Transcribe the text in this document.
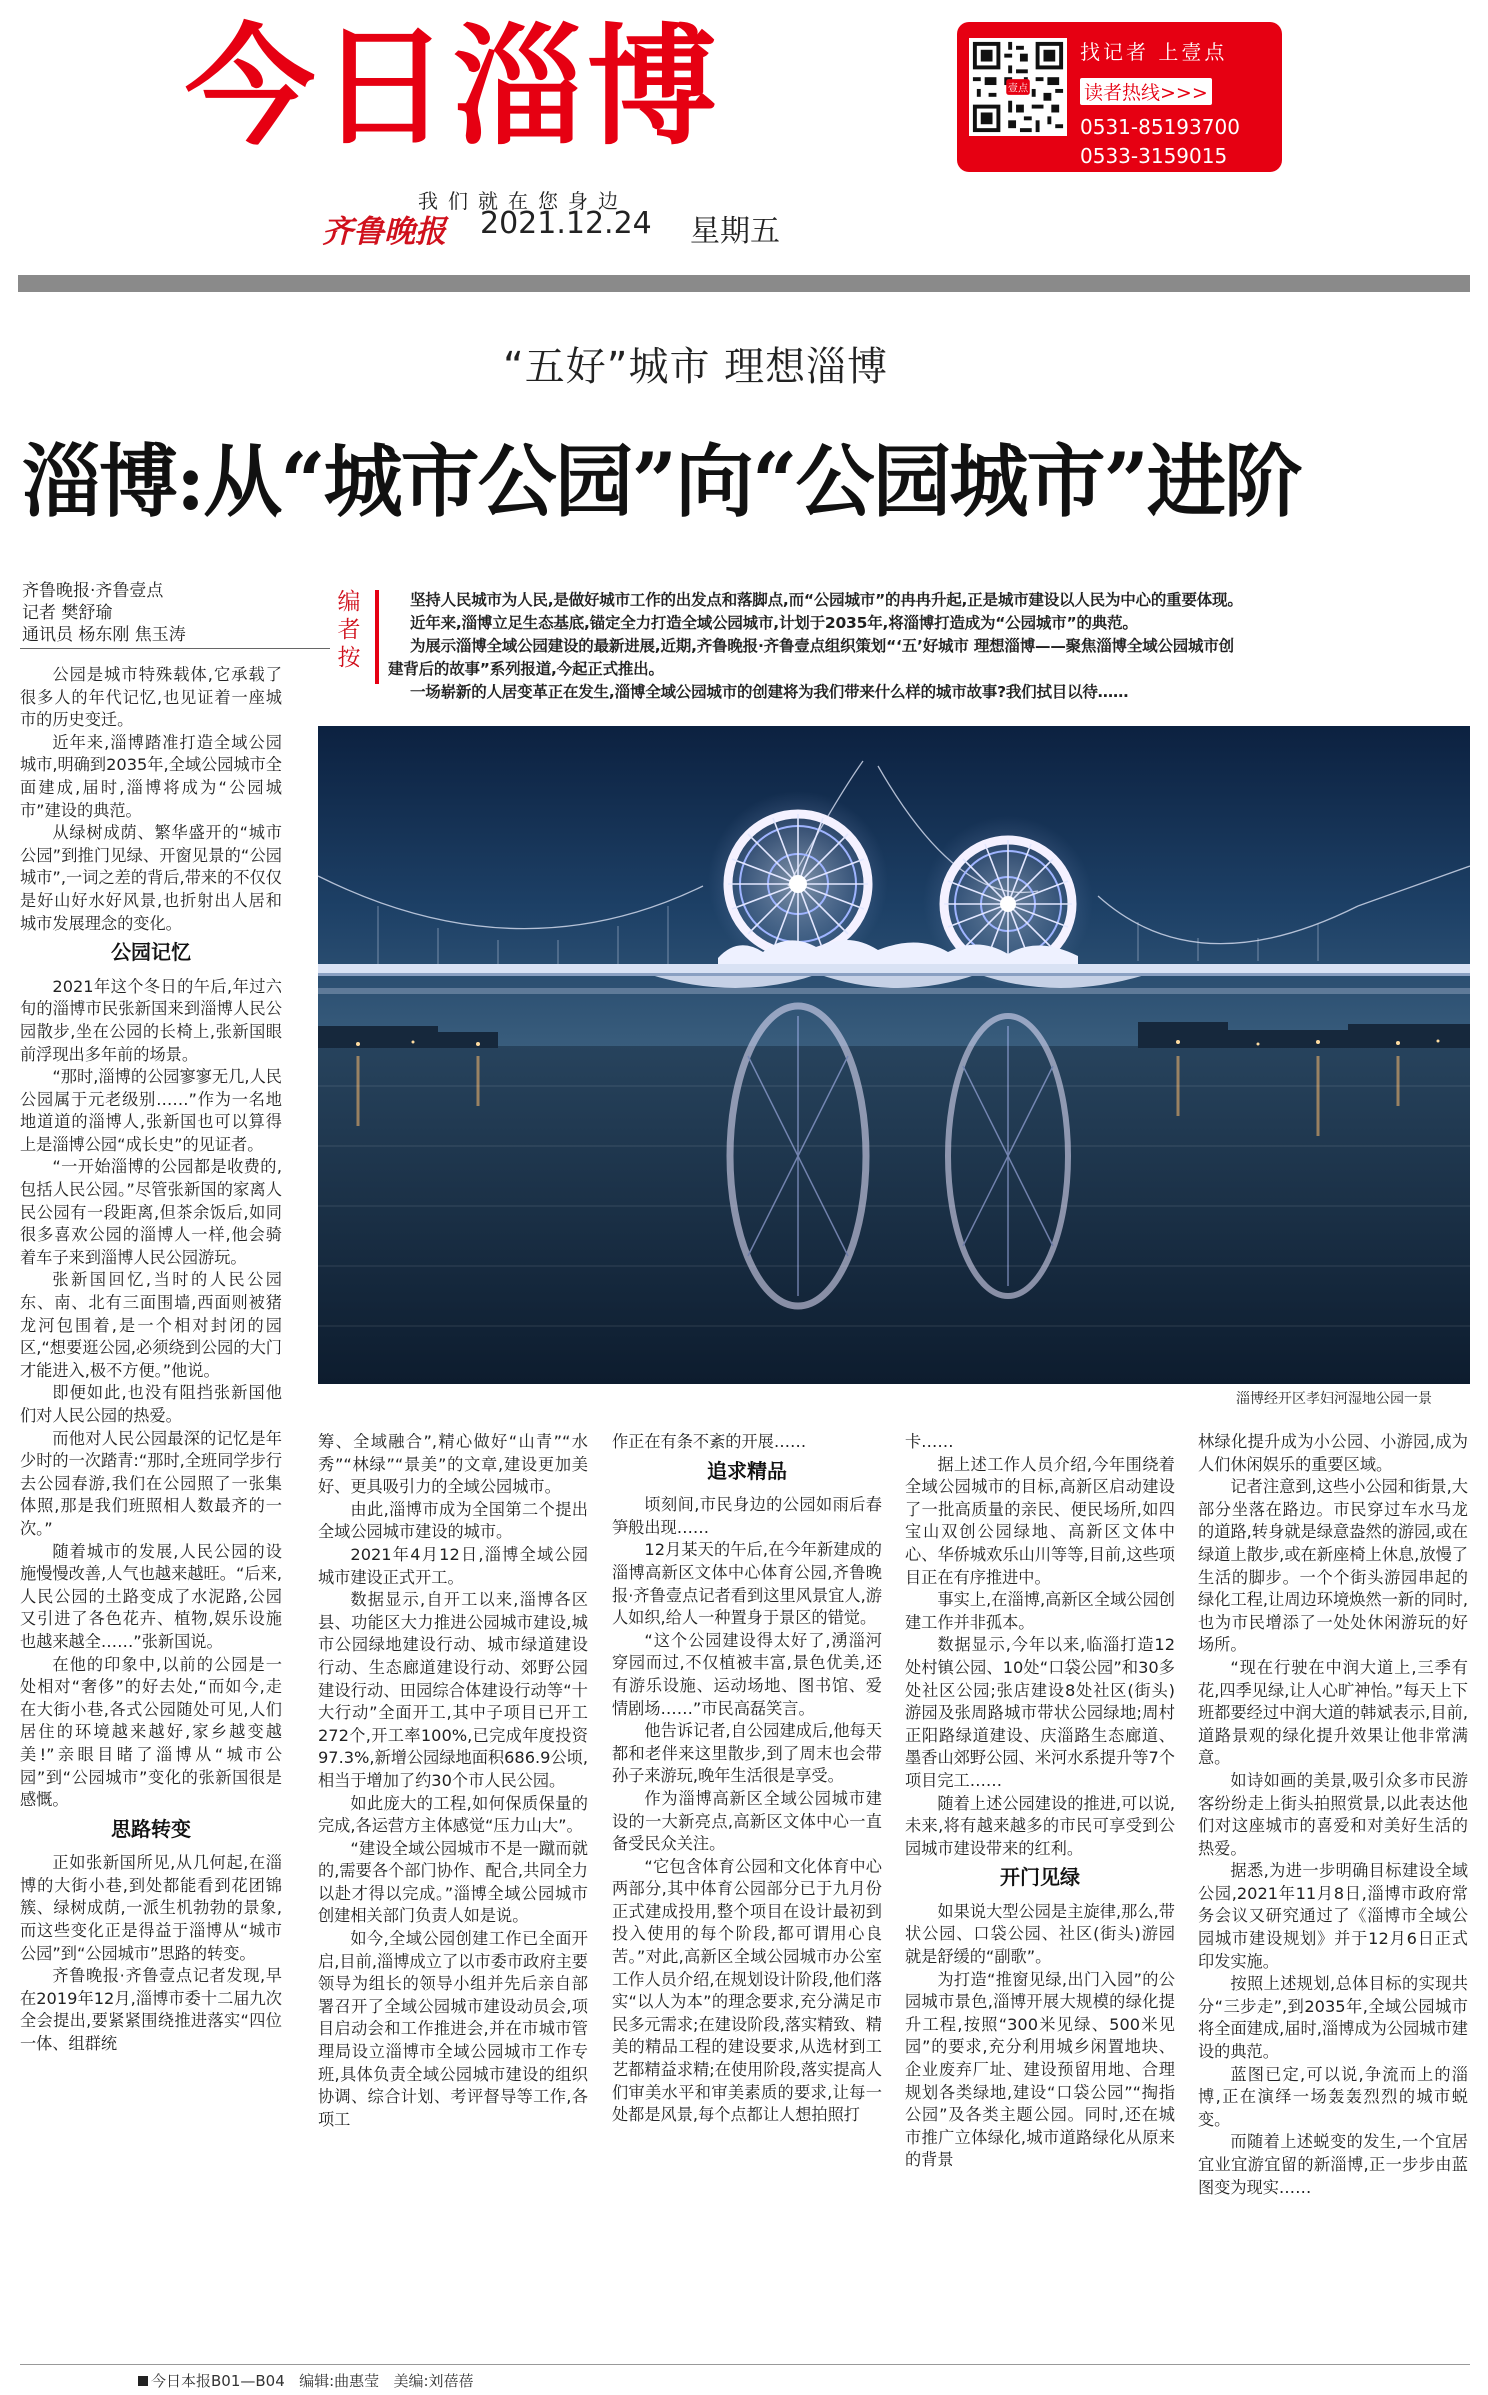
今日淄博
我们就在您身边
齐鲁晚报 2021.12.24 星期五
壹点
找记者 上壹点
读者热线>>>
0531-85193700
0533-3159015
“五好”城市 理想淄博
淄博:从“城市公园”向“公园城市”进阶
齐鲁晚报·齐鲁壹点
记者 樊舒瑜
通讯员 杨东刚 焦玉涛
编
者
按
坚持人民城市为人民,是做好城市工作的出发点和落脚点,而“公园城市”的冉冉升起,正是城市建设以人民为中心的重要体现。
近年来,淄博立足生态基底,锚定全力打造全域公园城市,计划于2035年,将淄博打造成为“公园城市”的典范。
为展示淄博全域公园建设的最新进展,近期,齐鲁晚报·齐鲁壹点组织策划“‘五’好城市 理想淄博——聚焦淄博全域公园城市创
建背后的故事”系列报道,今起正式推出。
一场崭新的人居变革正在发生,淄博全域公园城市的创建将为我们带来什么样的城市故事?我们拭目以待……
淄博经开区孝妇河湿地公园一景

公园是城市特殊载体,它承载了很多人的年代记忆,也见证着一座城市的历史变迁。

近年来,淄博踏准打造全域公园城市,明确到2035年,全域公园城市全面建成,届时,淄博将成为“公园城市”建设的典范。

从绿树成荫、繁华盛开的“城市公园”到推门见绿、开窗见景的“公园城市”,一词之差的背后,带来的不仅仅是好山好水好风景,也折射出人居和城市发展理念的变化。

公园记忆

2021年这个冬日的午后,年过六旬的淄博市民张新国来到淄博人民公园散步,坐在公园的长椅上,张新国眼前浮现出多年前的场景。

“那时,淄博的公园寥寥无几,人民公园属于元老级别……”作为一名地地道道的淄博人,张新国也可以算得上是淄博公园“成长史”的见证者。

“一开始淄博的公园都是收费的,包括人民公园。”尽管张新国的家离人民公园有一段距离,但茶余饭后,如同很多喜欢公园的淄博人一样,他会骑着车子来到淄博人民公园游玩。

张新国回忆,当时的人民公园东、南、北有三面围墙,西面则被猪龙河包围着,是一个相对封闭的园区,“想要逛公园,必须绕到公园的大门才能进入,极不方便。”他说。

即便如此,也没有阻挡张新国他们对人民公园的热爱。

而他对人民公园最深的记忆是年少时的一次踏青:“那时,全班同学步行去公园春游,我们在公园照了一张集体照,那是我们班照相人数最齐的一次。”

随着城市的发展,人民公园的设施慢慢改善,人气也越来越旺。“后来,人民公园的土路变成了水泥路,公园又引进了各色花卉、植物,娱乐设施也越来越全……”张新国说。

在他的印象中,以前的公园是一处相对“奢侈”的好去处,“而如今,走在大街小巷,各式公园随处可见,人们居住的环境越来越好,家乡越变越美!”亲眼目睹了淄博从“城市公园”到“公园城市”变化的张新国很是感慨。

思路转变

正如张新国所见,从几何起,在淄博的大街小巷,到处都能看到花团锦簇、绿树成荫,一派生机勃勃的景象,而这些变化正是得益于淄博从“城市公园”到“公园城市”思路的转变。

齐鲁晚报·齐鲁壹点记者发现,早在2019年12月,淄博市委十二届九次全会提出,要紧紧围绕推进落实“四位一体、组群统

筹、全域融合”,精心做好“山青”“水秀”“林绿”“景美”的文章,建设更加美好、更具吸引力的全域公园城市。

由此,淄博市成为全国第二个提出全域公园城市建设的城市。

2021年4月12日,淄博全域公园城市建设正式开工。

数据显示,自开工以来,淄博各区县、功能区大力推进公园城市建设,城市公园绿地建设行动、城市绿道建设行动、生态廊道建设行动、郊野公园建设行动、田园综合体建设行动等“十大行动”全面开工,其中子项目已开工272个,开工率100%,已完成年度投资97.3%,新增公园绿地面积686.9公顷,相当于增加了约30个市人民公园。

如此庞大的工程,如何保质保量的完成,各运营方主体感觉“压力山大”。

“建设全域公园城市不是一蹴而就的,需要各个部门协作、配合,共同全力以赴才得以完成。”淄博全域公园城市创建相关部门负责人如是说。

如今,全域公园创建工作已全面开启,目前,淄博成立了以市委市政府主要领导为组长的领导小组并先后亲自部署召开了全域公园城市建设动员会,项目启动会和工作推进会,并在市城市管理局设立淄博市全域公园城市工作专班,具体负责全域公园城市建设的组织协调、综合计划、考评督导等工作,各项工

作正在有条不紊的开展……

追求精品

顷刻间,市民身边的公园如雨后春笋般出现……

12月某天的午后,在今年新建成的淄博高新区文体中心体育公园,齐鲁晚报·齐鲁壹点记者看到这里风景宜人,游人如织,给人一种置身于景区的错觉。

“这个公园建设得太好了,湧淄河穿园而过,不仅植被丰富,景色优美,还有游乐设施、运动场地、图书馆、爱情剧场……”市民高磊笑言。

他告诉记者,自公园建成后,他每天都和老伴来这里散步,到了周末也会带孙子来游玩,晚年生活很是享受。

作为淄博高新区全域公园城市建设的一大新亮点,高新区文体中心一直备受民众关注。

“它包含体育公园和文化体育中心两部分,其中体育公园部分已于九月份正式建成投用,整个项目在设计最初到投入使用的每个阶段,都可谓用心良苦。”对此,高新区全域公园城市办公室工作人员介绍,在规划设计阶段,他们落实“以人为本”的理念要求,充分满足市民多元需求;在建设阶段,落实精致、精美的精品工程的建设要求,从选材到工艺都精益求精;在使用阶段,落实提高人们审美水平和审美素质的要求,让每一处都是风景,每个点都让人想拍照打

卡……

据上述工作人员介绍,今年围绕着全域公园城市的目标,高新区启动建设了一批高质量的亲民、便民场所,如四宝山双创公园绿地、高新区文体中心、华侨城欢乐山川等等,目前,这些项目正在有序推进中。

事实上,在淄博,高新区全域公园创建工作并非孤本。

数据显示,今年以来,临淄打造12处村镇公园、10处“口袋公园”和30多处社区公园;张店建设8处社区(街头)游园及张周路城市带状公园绿地;周村正阳路绿道建设、庆淄路生态廊道、墨香山郊野公园、米河水系提升等7个项目完工……

随着上述公园建设的推进,可以说,未来,将有越来越多的市民可享受到公园城市建设带来的红利。

开门见绿

如果说大型公园是主旋律,那么,带状公园、口袋公园、社区(街头)游园就是舒缓的“副歌”。

为打造“推窗见绿,出门入园”的公园城市景色,淄博开展大规模的绿化提升工程,按照“300米见绿、500米见园”的要求,充分利用城乡闲置地块、企业废弃厂址、建设预留用地、合理规划各类绿地,建设“口袋公园”“掏指公园”及各类主题公园。同时,还在城市推广立体绿化,城市道路绿化从原来的背景

林绿化提升成为小公园、小游园,成为人们休闲娱乐的重要区域。

记者注意到,这些小公园和街景,大部分坐落在路边。市民穿过车水马龙的道路,转身就是绿意盎然的游园,或在绿道上散步,或在新座椅上休息,放慢了生活的脚步。一个个街头游园串起的绿化工程,让周边环境焕然一新的同时,也为市民增添了一处处休闲游玩的好场所。

“现在行驶在中润大道上,三季有花,四季见绿,让人心旷神怡。”每天上下班都要经过中润大道的韩斌表示,目前,道路景观的绿化提升效果让他非常满意。

如诗如画的美景,吸引众多市民游客纷纷走上街头拍照赏景,以此表达他们对这座城市的喜爱和对美好生活的热爱。

据悉,为进一步明确目标建设全域公园,2021年11月8日,淄博市政府常务会议又研究通过了《淄博市全域公园城市建设规划》并于12月6日正式印发实施。

按照上述规划,总体目标的实现共分“三步走”,到2035年,全域公园城市将全面建成,届时,淄博成为公园城市建设的典范。

蓝图已定,可以说,争流而上的淄博,正在演绎一场轰轰烈烈的城市蜕变。

而随着上述蜕变的发生,一个宜居宜业宜游宜留的新淄博,正一步步由蓝图变为现实……

今日本报B01—B04 编辑:曲惠莹 美编:刘蓓蓓
